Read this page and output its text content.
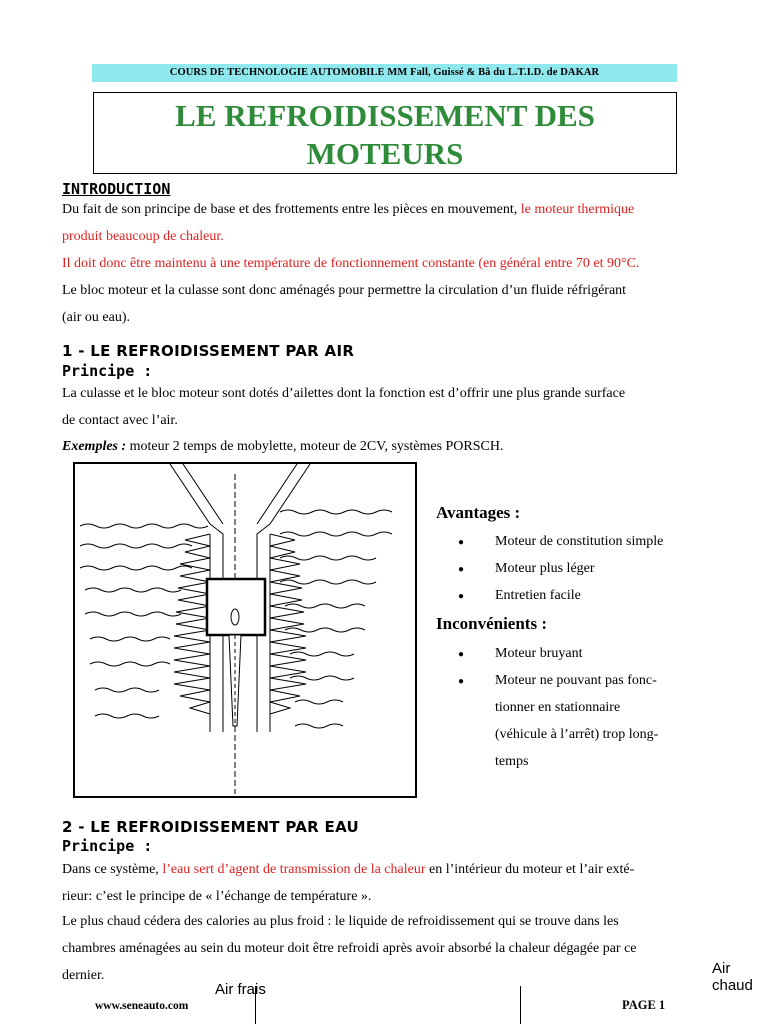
COURS DE TECHNOLOGIE AUTOMOBILE MM Fall, Guissé & Bâ du L.T.I.D. de DAKAR
LE REFROIDISSEMENT DES
MOTEURS
INTRODUCTION
Du fait de son principe de base et des frottements entre les pièces en mouvement, le moteur thermique
produit beaucoup de chaleur.
Il doit donc être maintenu à une température de fonctionnement constante (en général entre 70 et 90°C.
Le bloc moteur et la culasse sont donc aménagés pour permettre la circulation d’un fluide réfrigérant
(air ou eau).
1 - LE REFROIDISSEMENT PAR AIR
Principe :
La culasse et le bloc moteur sont dotés d’ailettes dont la fonction est d’offrir une plus grande surface
de contact avec l’air.
Exemples : moteur 2 temps de mobylette, moteur de 2CV, systèmes PORSCH.
Avantages :
● Moteur de constitution simple
● Moteur plus léger
● Entretien facile
Inconvénients :
● Moteur bruyant
● Moteur ne pouvant pas fonc-
tionner en stationnaire
(véhicule à l’arrêt) trop long-
temps
2 - LE REFROIDISSEMENT PAR EAU
Principe :
Dans ce système, l’eau sert d’agent de transmission de la chaleur en l’intérieur du moteur et l’air exté-
rieur: c’est le principe de « l’échange de température ».
Le plus chaud cédera des calories au plus froid : le liquide de refroidissement qui se trouve dans les
chambres aménagées au sein du moteur doit être refroidi après avoir absorbé la chaleur dégagée par ce
dernier.	Air chaud
Air frais
www.seneauto.com	PAGE 1
